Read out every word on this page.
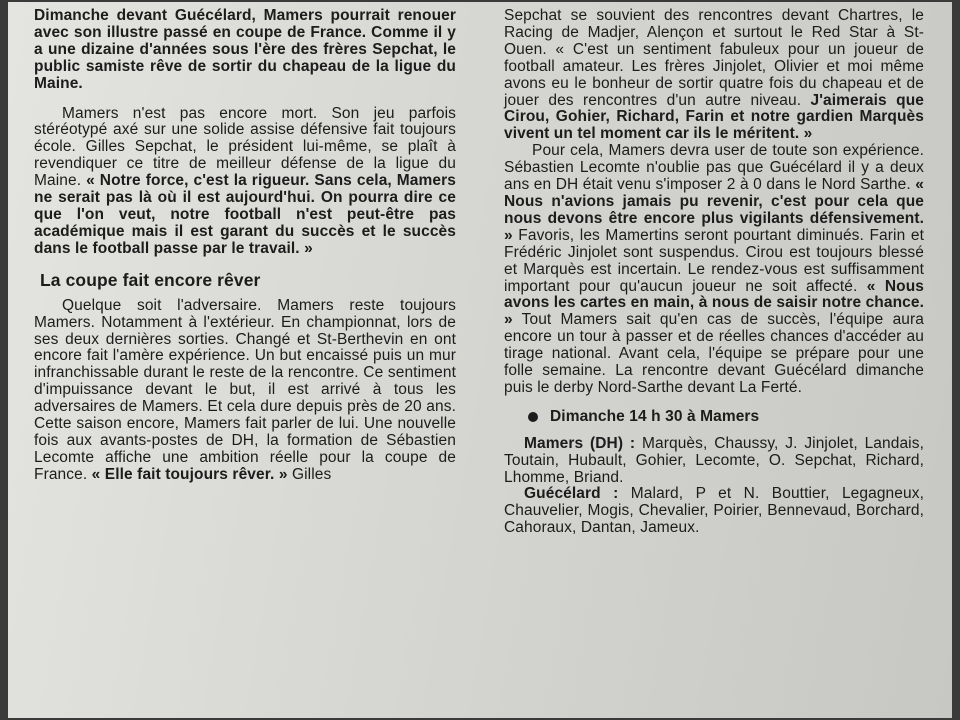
Dimanche devant Guécélard, Mamers pourrait renouer avec son illustre passé en coupe de France. Comme il y a une dizaine d'années sous l'ère des frères Sepchat, le public samiste rêve de sortir du chapeau de la ligue du Maine.

Mamers n'est pas encore mort. Son jeu parfois stéréotypé axé sur une solide assise défensive fait toujours école. Gilles Sepchat, le président lui-même, se plaît à revendiquer ce titre de meilleur défense de la ligue du Maine. « Notre force, c'est la rigueur. Sans cela, Mamers ne serait pas là où il est aujourd'hui. On pourra dire ce que l'on veut, notre football n'est peut-être pas académique mais il est garant du succès et le succès dans le football passe par le travail. »

La coupe fait encore rêver

Quelque soit l'adversaire. Mamers reste toujours Mamers. Notamment à l'extérieur. En championnat, lors de ses deux dernières sorties. Changé et St-Berthevin en ont encore fait l'amère expérience. Un but encaissé puis un mur infranchissable durant le reste de la rencontre. Ce sentiment d'impuissance devant le but, il est arrivé à tous les adversaires de Mamers. Et cela dure depuis près de 20 ans. Cette saison encore, Mamers fait parler de lui. Une nouvelle fois aux avants-postes de DH, la formation de Sébastien Lecomte affiche une ambition réelle pour la coupe de France. « Elle fait toujours rêver. » Gilles

Sepchat se souvient des rencontres devant Chartres, le Racing de Madjer, Alençon et surtout le Red Star à St-Ouen. « C'est un sentiment fabuleux pour un joueur de football amateur. Les frères Jinjolet, Olivier et moi même avons eu le bonheur de sortir quatre fois du chapeau et de jouer des rencontres d'un autre niveau. J'aimerais que Cirou, Gohier, Richard, Farin et notre gardien Marquès vivent un tel moment car ils le méritent. »

Pour cela, Mamers devra user de toute son expérience. Sébastien Lecomte n'oublie pas que Guécélard il y a deux ans en DH était venu s'imposer 2 à 0 dans le Nord Sarthe. « Nous n'avions jamais pu revenir, c'est pour cela que nous devons être encore plus vigilants défensivement. » Favoris, les Mamertins seront pourtant diminués. Farin et Frédéric Jinjolet sont suspendus. Cirou est toujours blessé et Marquès est incertain. Le rendez-vous est suffisamment important pour qu'aucun joueur ne soit affecté. « Nous avons les cartes en main, à nous de saisir notre chance. » Tout Mamers sait qu'en cas de succès, l'équipe aura encore un tour à passer et de réelles chances d'accéder au tirage national. Avant cela, l'équipe se prépare pour une folle semaine. La rencontre devant Guécélard dimanche puis le derby Nord-Sarthe devant La Ferté.

Dimanche 14 h 30 à Mamers

Mamers (DH) : Marquès, Chaussy, J. Jinjolet, Landais, Toutain, Hubault, Gohier, Lecomte, O. Sepchat, Richard, Lhomme, Briand.

Guécélard : Malard, P et N. Bouttier, Legagneux, Chauvelier, Mogis, Chevalier, Poirier, Bennevaud, Borchard, Cahoraux, Dantan, Jameux.
